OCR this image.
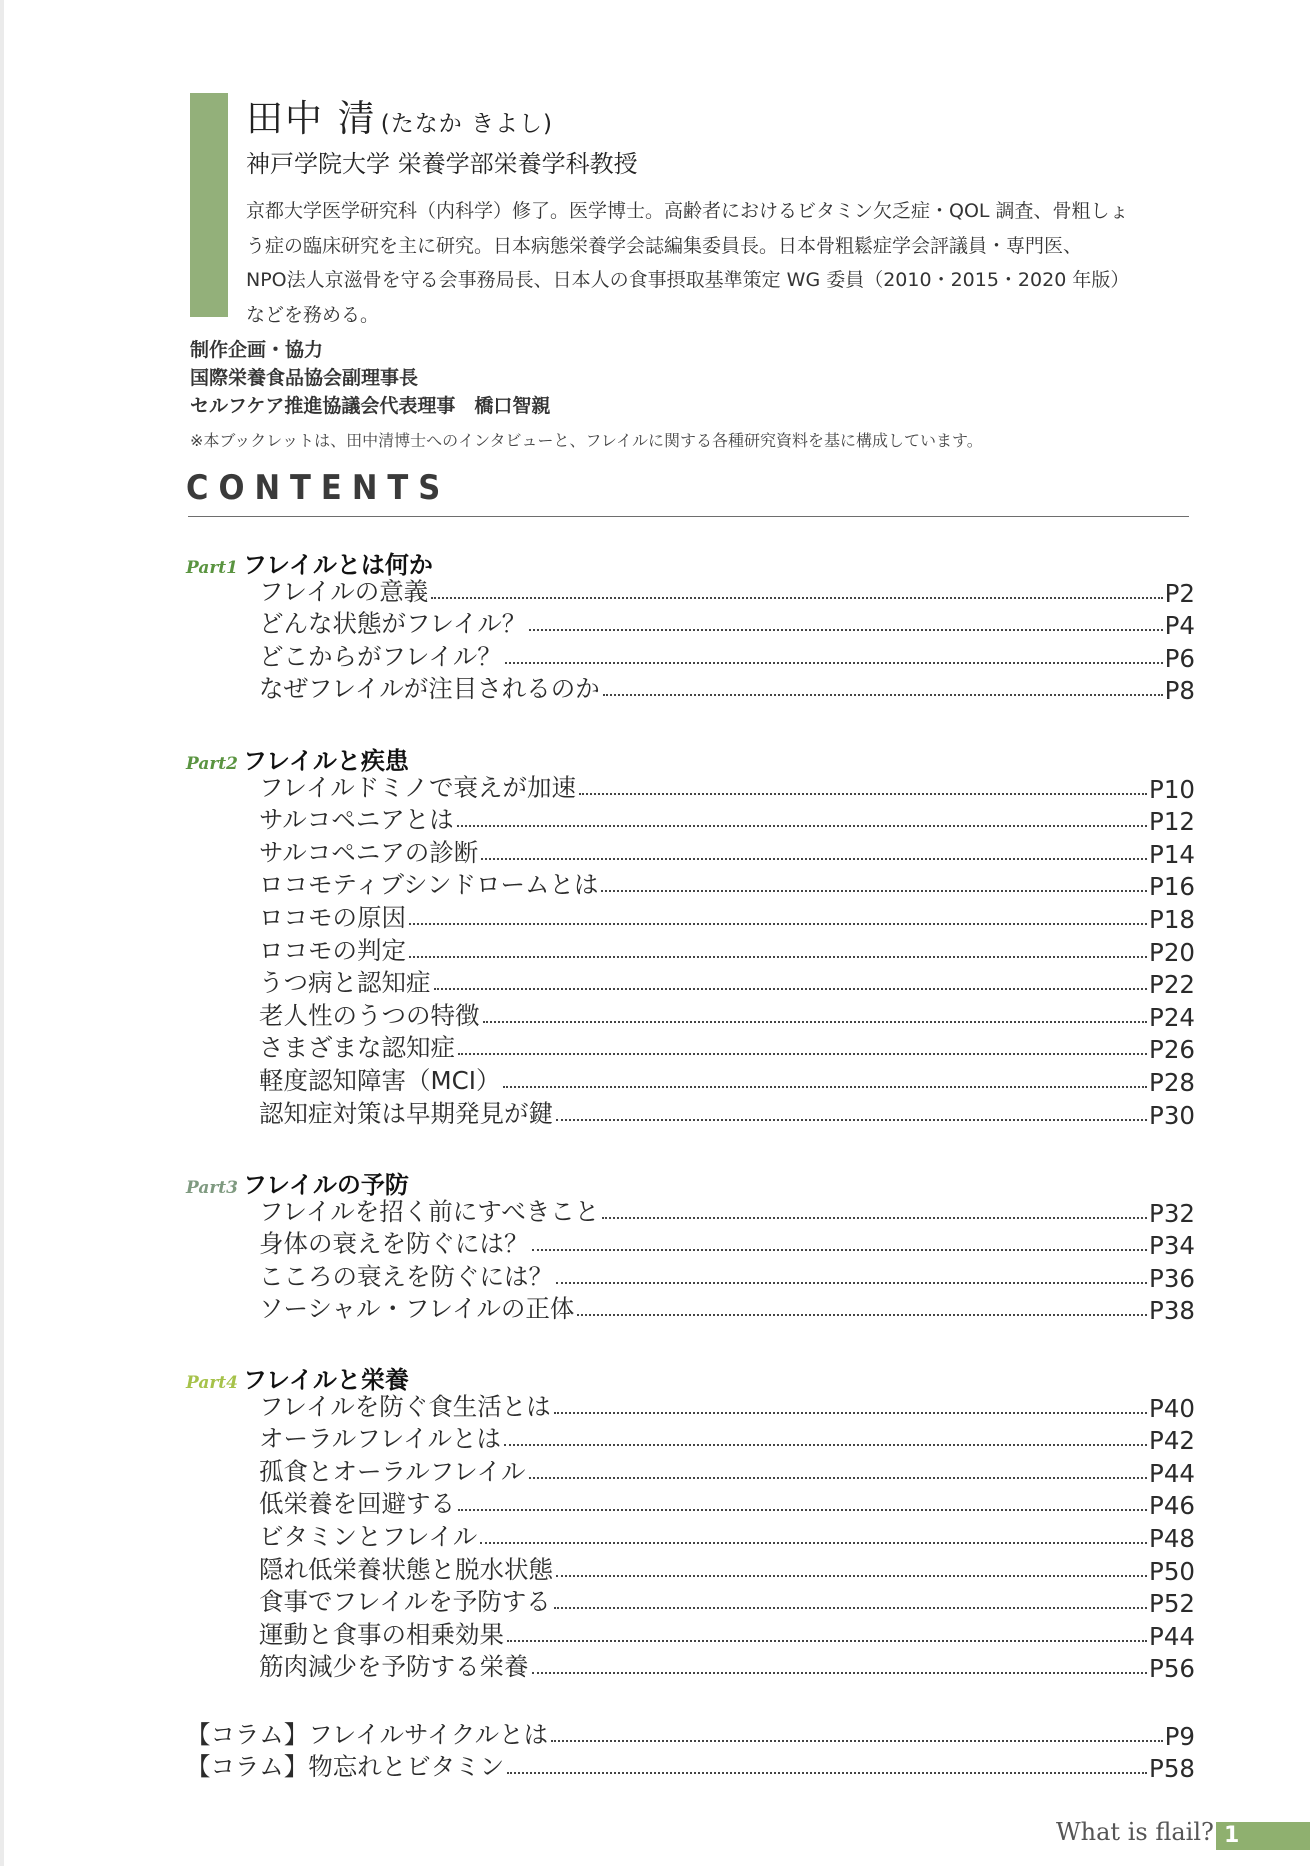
田中 清 (たなか きよし)
神戸学院大学 栄養学部栄養学科教授
京都大学医学研究科（内科学）修了。医学博士。高齢者におけるビタミン欠乏症・QOL 調査、骨粗しょ
う症の臨床研究を主に研究。日本病態栄養学会誌編集委員長。日本骨粗鬆症学会評議員・専門医、
NPO法人京滋骨を守る会事務局長、日本人の食事摂取基準策定 WG 委員（2010・2015・2020 年版）
などを務める。
制作企画・協力
国際栄養食品協会副理事長
セルフケア推進協議会代表理事　橋口智親
※本ブックレットは、田中清博士へのインタビューと、フレイルに関する各種研究資料を基に構成しています。
CONTENTS
Part1 フレイルとは何か
フレイルの意義	P2
どんな状態がフレイル？	P4
どこからがフレイル？	P6
なぜフレイルが注目されるのか	P8
Part2 フレイルと疾患
フレイルドミノで衰えが加速	P10
サルコペニアとは	P12
サルコペニアの診断	P14
ロコモティブシンドロームとは	P16
ロコモの原因	P18
ロコモの判定	P20
うつ病と認知症	P22
老人性のうつの特徴	P24
さまざまな認知症	P26
軽度認知障害（MCI）	P28
認知症対策は早期発見が鍵	P30
Part3 フレイルの予防
フレイルを招く前にすべきこと	P32
身体の衰えを防ぐには？	P34
こころの衰えを防ぐには？	P36
ソーシャル・フレイルの正体	P38
Part4 フレイルと栄養
フレイルを防ぐ食生活とは	P40
オーラルフレイルとは	P42
孤食とオーラルフレイル	P44
低栄養を回避する	P46
ビタミンとフレイル	P48
隠れ低栄養状態と脱水状態	P50
食事でフレイルを予防する	P52
運動と食事の相乗効果	P44
筋肉減少を予防する栄養	P56
【コラム】フレイルサイクルとは	P9
【コラム】物忘れとビタミン	P58
What is flail? 1
